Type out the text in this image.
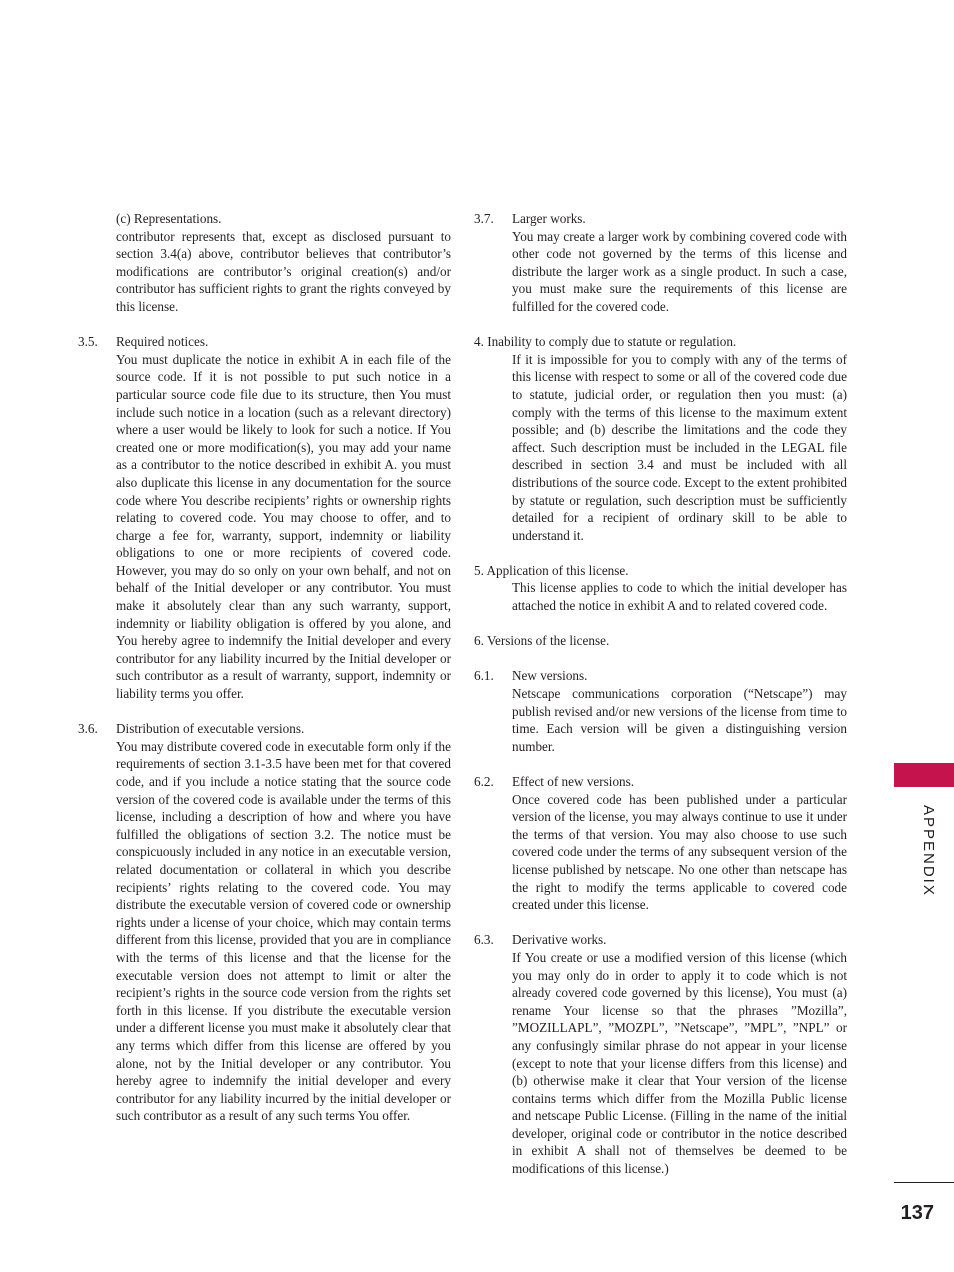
(c) Representations.
contributor represents that, except as disclosed pursuant to section 3.4(a) above, contributor believes that contributor’s modifications are contributor’s original creation(s) and/or contributor has sufficient rights to grant the rights conveyed by this license.
3.5.	Required notices.
You must duplicate the notice in exhibit A in each file of the source code. If it is not possible to put such notice in a particular source code file due to its structure, then You must include such notice in a location (such as a relevant directory) where a user would be likely to look for such a notice. If You created one or more modification(s), you may add your name as a contributor to the notice described in exhibit A. you must also duplicate this license in any documentation for the source code where You describe recipients’ rights or ownership rights relating to covered code. You may choose to offer, and to charge a fee for, warranty, support, indemnity or liability obligations to one or more recipients of covered code. However, you may do so only on your own behalf, and not on behalf of the Initial developer or any contributor. You must make it absolutely clear than any such warranty, support, indemnity or liability obligation is offered by you alone, and You hereby agree to indemnify the Initial developer and every contributor for any liability incurred by the Initial developer or such contributor as a result of warranty, support, indemnity or liability terms you offer.
3.6.	Distribution of executable versions.
You may distribute covered code in executable form only if the requirements of section 3.1-3.5 have been met for that covered code, and if you include a notice stating that the source code version of the covered code is available under the terms of this license, including a description of how and where you have fulfilled the obligations of section 3.2. The notice must be conspicuously included in any notice in an executable version, related documentation or collateral in which you describe recipients’ rights relating to the covered code. You may distribute the executable version of covered code or ownership rights under a license of your choice, which may contain terms different from this license, provided that you are in compliance with the terms of this license and that the license for the executable version does not attempt to limit or alter the recipient’s rights in the source code version from the rights set forth in this license. If you distribute the executable version under a different license you must make it absolutely clear that any terms which differ from this license are offered by you alone, not by the Initial developer or any contributor. You hereby agree to indemnify the initial developer and every contributor for any liability incurred by the initial developer or such contributor as a result of any such terms You offer.
3.7.	Larger works.
You may create a larger work by combining covered code with other code not governed by the terms of this license and distribute the larger work as a single product. In such a case, you must make sure the requirements of this license are fulfilled for the covered code.
4. Inability to comply due to statute or regulation.
If it is impossible for you to comply with any of the terms of this license with respect to some or all of the covered code due to statute, judicial order, or regulation then you must: (a) comply with the terms of this license to the maximum extent possible; and (b) describe the limitations and the code they affect. Such description must be included in the LEGAL file described in section 3.4 and must be included with all distributions of the source code. Except to the extent prohibited by statute or regulation, such description must be sufficiently detailed for a recipient of ordinary skill to be able to understand it.
5. Application of this license.
This license applies to code to which the initial developer has attached the notice in exhibit A and to related covered code.
6. Versions of the license.
6.1.	New versions.
Netscape communications corporation (“Netscape”) may publish revised and/or new versions of the license from time to time. Each version will be given a distinguishing version number.
6.2.	Effect of new versions.
Once covered code has been published under a particular version of the license, you may always continue to use it under the terms of that version. You may also choose to use such covered code under the terms of any subsequent version of the license published by netscape. No one other than netscape has the right to modify the terms applicable to covered code created under this license.
6.3.	Derivative works.
If You create or use a modified version of this license (which you may only do in order to apply it to code which is not already covered code governed by this license), You must (a) rename Your license so that the phrases ”Mozilla”, ”MOZILLAPL”, ”MOZPL”, ”Netscape”, ”MPL”, ”NPL” or any confusingly similar phrase do not appear in your license (except to note that your license differs from this license) and (b) otherwise make it clear that Your version of the license contains terms which differ from the Mozilla Public license and netscape Public License. (Filling in the name of the initial developer, original code or contributor in the notice described in exhibit A shall not of themselves be deemed to be modifications of this license.)
APPENDIX
137
